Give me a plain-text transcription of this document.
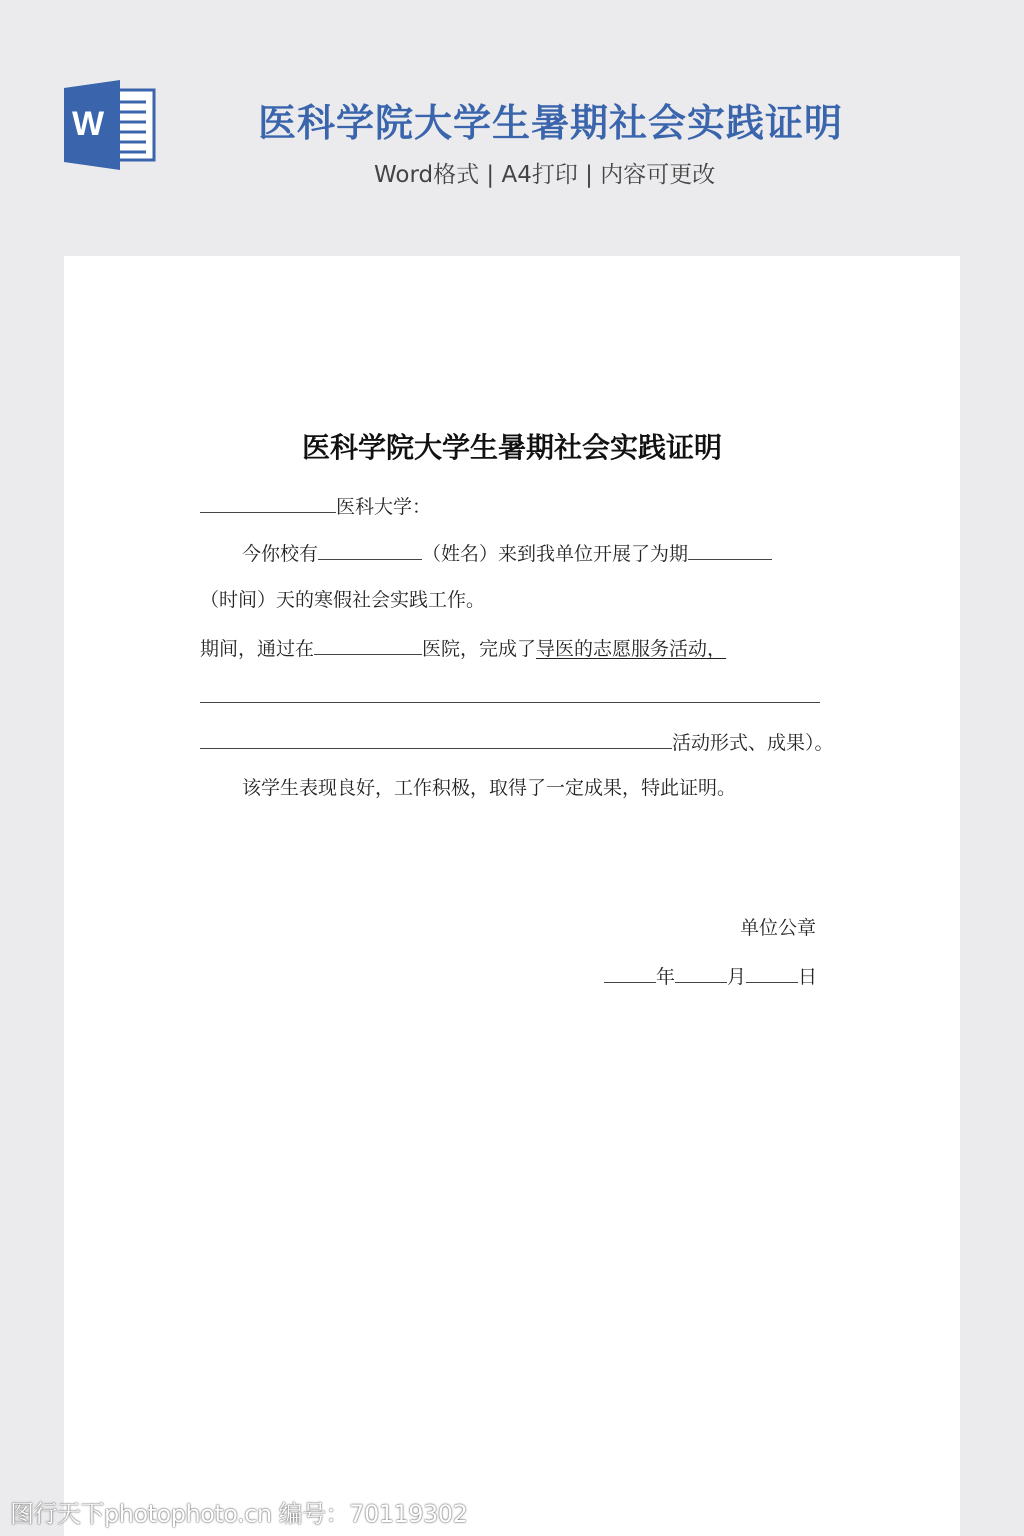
W	医科学院大学生暑期社会实践证明
Word格式 | A4打印 | 内容可更改
医科学院大学生暑期社会实践证明
医科大学：
今你校有	（姓名）来到我单位开展了为期
（时间）天的寒假社会实践工作。
期间，通过在	医院，完成了导医的志愿服务活动，
活动形式、成果）。
该学生表现良好，工作积极，取得了一定成果，特此证明。
单位公章
年	月	日
图行天下photophoto.cn 编号：70119302
